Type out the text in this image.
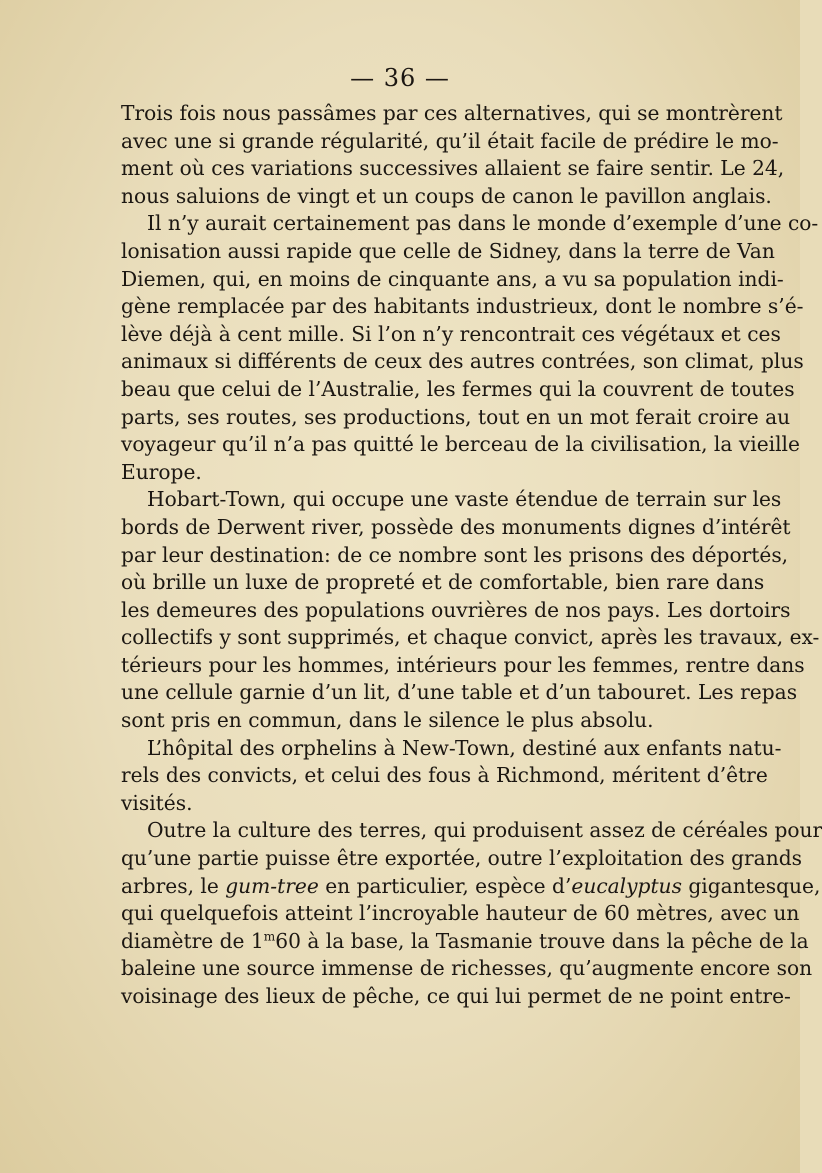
— 36 —
Trois fois nous passâmes par ces alternatives, qui se montrèrent
avec une si grande régularité, qu’il était facile de prédire le mo-
ment où ces variations successives allaient se faire sentir. Le 24,
nous saluions de vingt et un coups de canon le pavillon anglais.
Il n’y aurait certainement pas dans le monde d’exemple d’une co-
lonisation aussi rapide que celle de Sidney, dans la terre de Van
Diemen, qui, en moins de cinquante ans, a vu sa population indi-
gène remplacée par des habitants industrieux, dont le nombre s’é-
lève déjà à cent mille. Si l’on n’y rencontrait ces végétaux et ces
animaux si différents de ceux des autres contrées, son climat, plus
beau que celui de l’Australie, les fermes qui la couvrent de toutes
parts, ses routes, ses productions, tout en un mot ferait croire au
voyageur qu’il n’a pas quitté le berceau de la civilisation, la vieille
Europe.
Hobart-Town, qui occupe une vaste étendue de terrain sur les
bords de Derwent river, possède des monuments dignes d’intérêt
par leur destination: de ce nombre sont les prisons des déportés,
où brille un luxe de propreté et de comfortable, bien rare dans
les demeures des populations ouvrières de nos pays. Les dortoirs
collectifs y sont supprimés, et chaque convict, après les travaux, ex-
térieurs pour les hommes, intérieurs pour les femmes, rentre dans
une cellule garnie d’un lit, d’une table et d’un tabouret. Les repas
sont pris en commun, dans le silence le plus absolu.
L’hôpital des orphelins à New-Town, destiné aux enfants natu-
rels des convicts, et celui des fous à Richmond, méritent d’être
visités.
Outre la culture des terres, qui produisent assez de céréales pour
qu’une partie puisse être exportée, outre l’exploitation des grands
arbres, le gum-tree en particulier, espèce d’eucalyptus gigantesque,
qui quelquefois atteint l’incroyable hauteur de 60 mètres, avec un
diamètre de 1$^m$60 à la base, la Tasmanie trouve dans la pêche de la
baleine une source immense de richesses, qu’augmente encore son
voisinage des lieux de pêche, ce qui lui permet de ne point entre-
